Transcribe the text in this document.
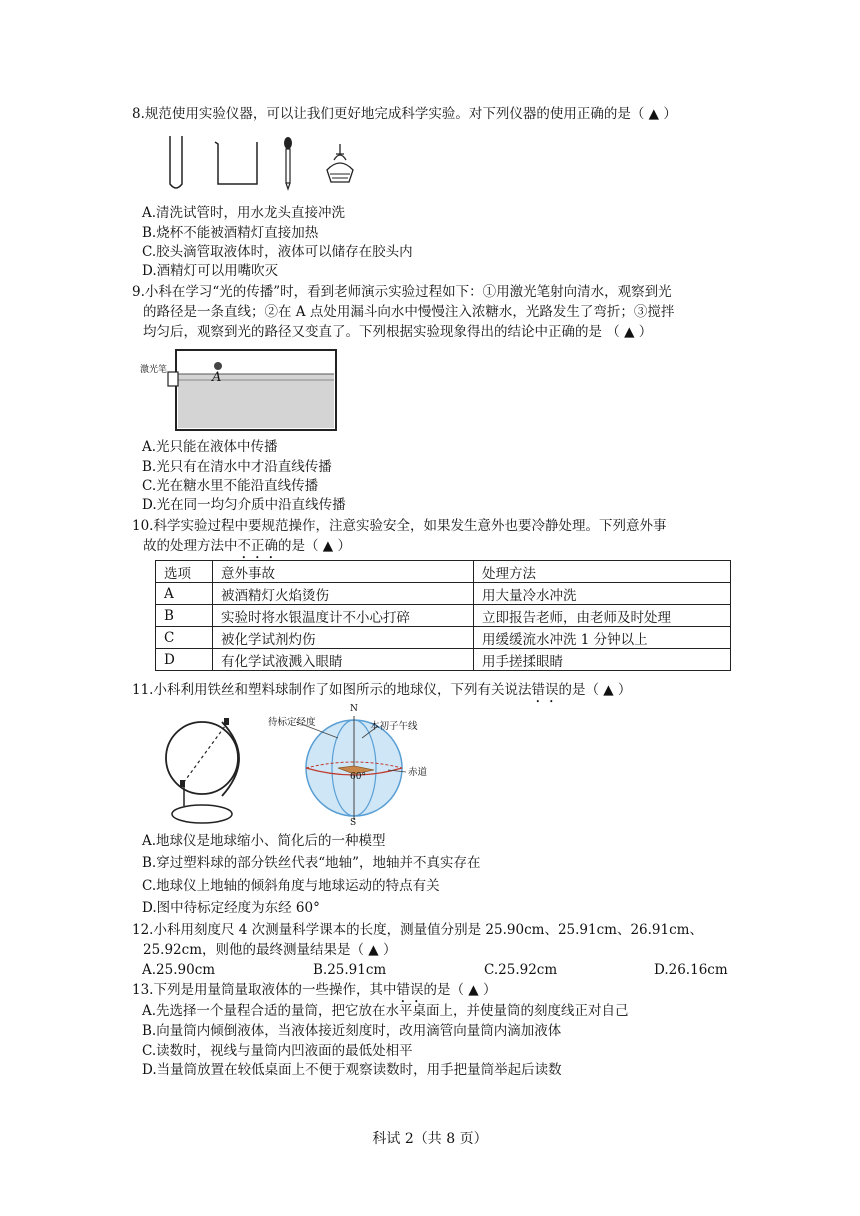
8.规范使用实验仪器，可以让我们更好地完成科学实验。对下列仪器的使用正确的是（ ▲ ）
A.清洗试管时，用水龙头直接冲洗
B.烧杯不能被酒精灯直接加热
C.胶头滴管取液体时，液体可以储存在胶头内
D.酒精灯可以用嘴吹灭
9.小科在学习“光的传播”时，看到老师演示实验过程如下：①用激光笔射向清水，观察到光
的路径是一条直线；②在 A 点处用漏斗向水中慢慢注入浓糖水，光路发生了弯折；③搅拌
均匀后，观察到光的路径又变直了。下列根据实验现象得出的结论中正确的是 （ ▲ ）
激光笔	A
A.光只能在液体中传播
B.光只有在清水中才沿直线传播
C.光在糖水里不能沿直线传播
D.光在同一均匀介质中沿直线传播
10.科学实验过程中要规范操作，注意实验安全，如果发生意外也要冷静处理。下列意外事
故的处理方法中不正确的是（ ▲ ）
选项	意外事故	处理方法
A	被酒精灯火焰烫伤	用大量冷水冲洗
B	实验时将水银温度计不小心打碎	立即报告老师，由老师及时处理
C	被化学试剂灼伤	用缓缓流水冲洗 1 分钟以上
D	有化学试液溅入眼睛	用手搓揉眼睛
11.小科利用铁丝和塑料球制作了如图所示的地球仪，下列有关说法错误的是（ ▲ ）
N
S
待标定经度	本初子午线
赤道
60°
A.地球仪是地球缩小、简化后的一种模型
B.穿过塑料球的部分铁丝代表“地轴”，地轴并不真实存在
C.地球仪上地轴的倾斜角度与地球运动的特点有关
D.图中待标定经度为东经 60°
12.小科用刻度尺 4 次测量科学课本的长度，测量值分别是 25.90cm、25.91cm、26.91cm、
25.92cm，则他的最终测量结果是（ ▲ ）
A.25.90cm	B.25.91cm	C.25.92cm	D.26.16cm
13.下列是用量筒量取液体的一些操作，其中错误的是（ ▲ ）
A.先选择一个量程合适的量筒，把它放在水平桌面上，并使量筒的刻度线正对自己
B.向量筒内倾倒液体，当液体接近刻度时，改用滴管向量筒内滴加液体
C.读数时，视线与量筒内凹液面的最低处相平
D.当量筒放置在较低桌面上不便于观察读数时，用手把量筒举起后读数
科试 2（共 8 页）
